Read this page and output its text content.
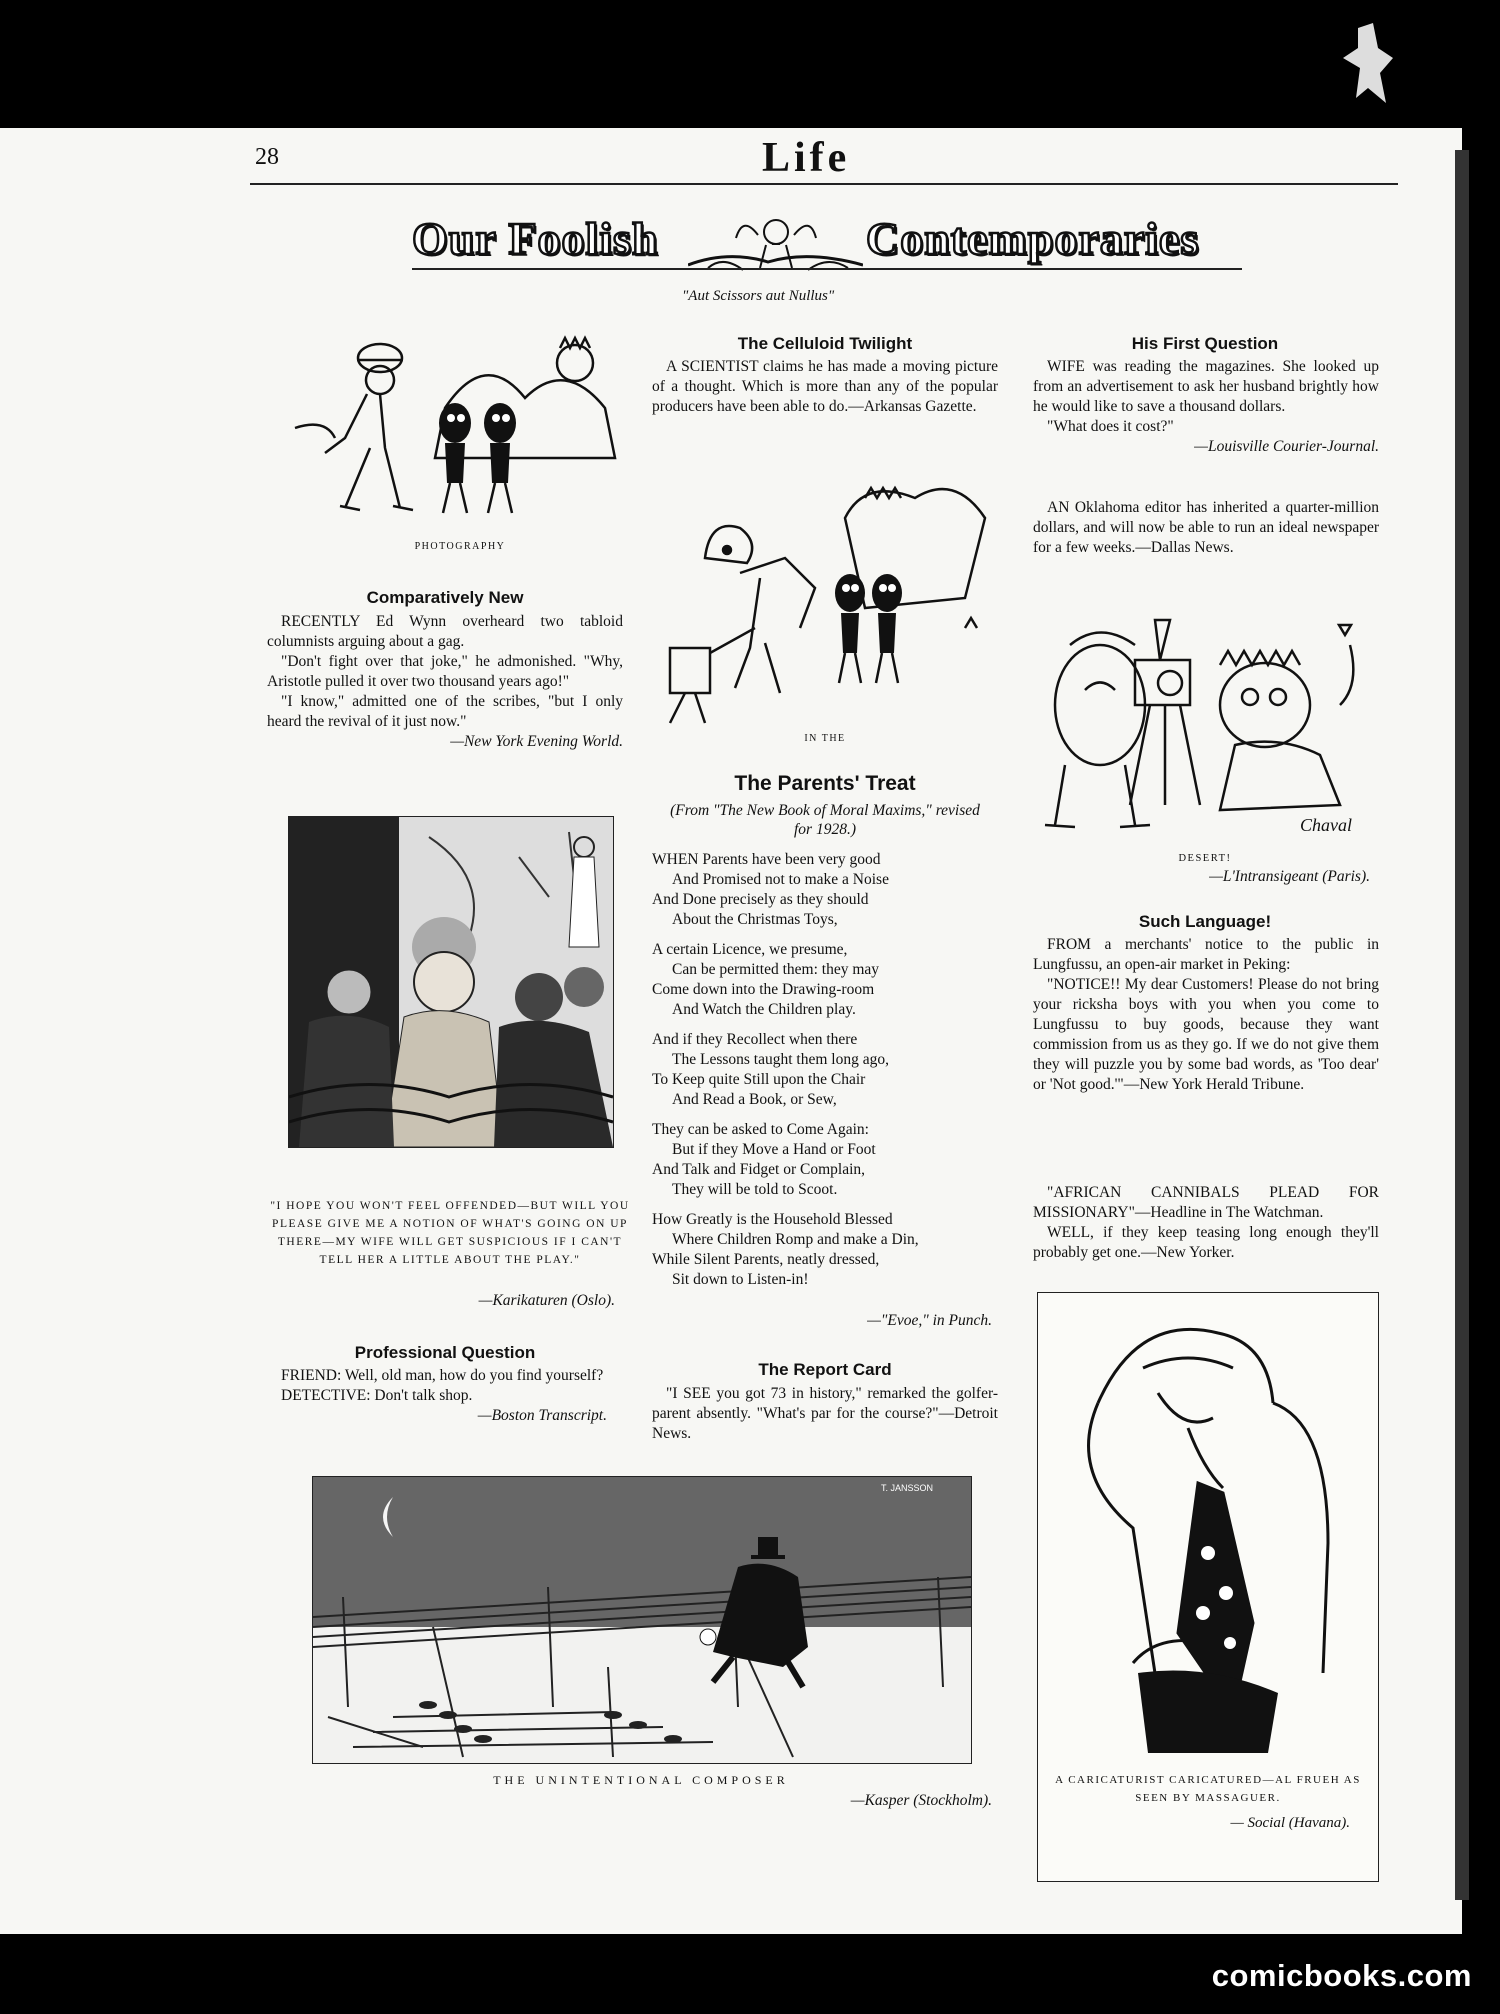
28	Life
Our Foolish	Contemporaries
"Aut Scissors aut Nullus"
PHOTOGRAPHY
Comparatively New

RECENTLY Ed Wynn overheard two tabloid columnists arguing about a gag.

"Don't fight over that joke," he admonished. "Why, Aristotle pulled it over two thousand years ago!"

"I know," admitted one of the scribes, "but I only heard the revival of it just now."

—New York Evening World.
"I HOPE YOU WON'T FEEL OFFENDED—BUT WILL YOU PLEASE GIVE ME A NOTION OF WHAT'S GOING ON UP THERE—MY WIFE WILL GET SUSPICIOUS IF I CAN'T TELL HER A LITTLE ABOUT THE PLAY."
—Karikaturen (Oslo).
Professional Question

FRIEND: Well, old man, how do you find yourself?

DETECTIVE: Don't talk shop.

—Boston Transcript.
The Celluloid Twilight

A SCIENTIST claims he has made a moving picture of a thought. Which is more than any of the popular producers have been able to do.—Arkansas Gazette.

IN THE
The Parents' Treat
(From "The New Book of Moral Maxims," revised for 1928.)
WHEN Parents have been very good
And Promised not to make a Noise
And Done precisely as they should
About the Christmas Toys,
A certain Licence, we presume,
Can be permitted them: they may
Come down into the Drawing-room
And Watch the Children play.
And if they Recollect when there
The Lessons taught them long ago,
To Keep quite Still upon the Chair
And Read a Book, or Sew,
They can be asked to Come Again:
But if they Move a Hand or Foot
And Talk and Fidget or Complain,
They will be told to Scoot.
How Greatly is the Household Blessed
Where Children Romp and make a Din,
While Silent Parents, neatly dressed,
Sit down to Listen-in!
—"Evoe," in Punch.
The Report Card

"I SEE you got 73 in history," remarked the golfer-parent absently. "What's par for the course?"—Detroit News.

His First Question

WIFE was reading the magazines. She looked up from an advertisement to ask her husband brightly how he would like to save a thousand dollars.

"What does it cost?"

—Louisville Courier-Journal.

AN Oklahoma editor has inherited a quarter-million dollars, and will now be able to run an ideal newspaper for a few weeks.—Dallas News.

Chaval
DESERT!
—L'Intransigeant (Paris).
Such Language!

FROM a merchants' notice to the public in Lungfussu, an open-air market in Peking:

"NOTICE!! My dear Customers! Please do not bring your ricksha boys with you when you come to Lungfussu to buy goods, because they want commission from us as they go. If we do not give them they will puzzle you by some bad words, as 'Too dear' or 'Not good.'"—New York Herald Tribune.

"AFRICAN CANNIBALS PLEAD FOR MISSIONARY"—Headline in The Watchman.

WELL, if they keep teasing long enough they'll probably get one.—New Yorker.

A CARICATURIST CARICATURED—AL FRUEH AS SEEN BY MASSAGUER.
— Social (Havana).
T. JANSSON
THE UNINTENTIONAL COMPOSER
—Kasper (Stockholm).
comicbooks.com
